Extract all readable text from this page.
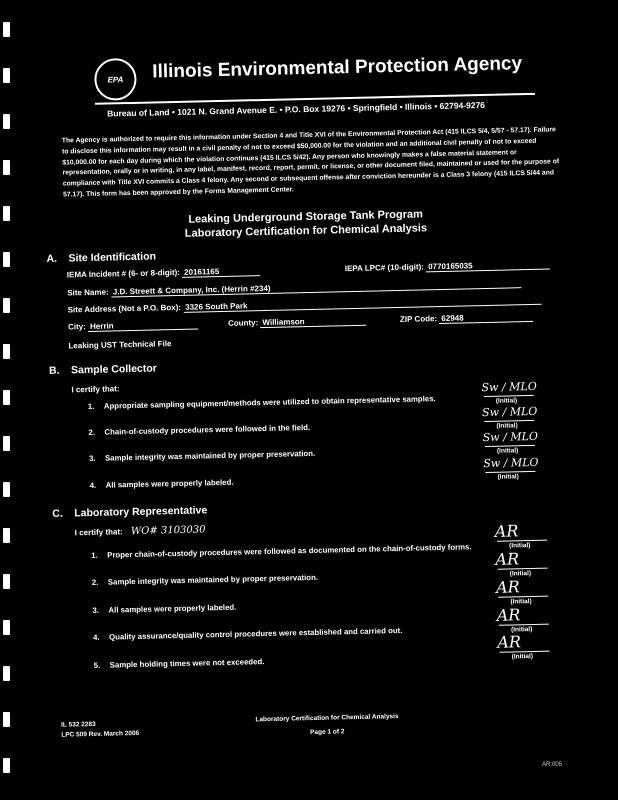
EPA	Illinois Environmental Protection Agency
Bureau of Land • 1021 N. Grand Avenue E. • P.O. Box 19276 • Springfield • Illinois • 62794-9276
The Agency is authorized to require this information under Section 4 and Title XVI of the Environmental Protection Act (415 ILCS 5/4, 5/57 - 57.17). Failure to disclose this information may result in a civil penalty of not to exceed $50,000.00 for the violation and an additional civil penalty of not to exceed $10,000.00 for each day during which the violation continues (415 ILCS 5/42). Any person who knowingly makes a false material statement or representation, orally or in writing, in any label, manifest, record, report, permit, or license, or other document filed, maintained or used for the purpose of compliance with Title XVI commits a Class 4 felony. Any second or subsequent offense after conviction hereunder is a Class 3 felony (415 ILCS 5/44 and 57.17). This form has been approved by the Forms Management Center.
Leaking Underground Storage Tank Program
Laboratory Certification for Chemical Analysis
A. Site Identification
IEMA Incident # (6- or 8-digit): 20161165	IEPA LPC# (10-digit): 0770165035
Site Name: J.D. Streett & Company, Inc. (Herrin #234)
Site Address (Not a P.O. Box): 3326 South Park
City: Herrin	County: Williamson	ZIP Code: 62948
Leaking UST Technical File
B. Sample Collector
I certify that:
1. Appropriate sampling equipment/methods were utilized to obtain representative samples.
Sw / MLO
(Initial)
2. Chain-of-custody procedures were followed in the field.
Sw / MLO
(Initial)
3. Sample integrity was maintained by proper preservation.
Sw / MLO
(Initial)
4. All samples were properly labeled.
Sw / MLO
(Initial)
C. Laboratory Representative
I certify that: WO# 3103030
1. Proper chain-of-custody procedures were followed as documented on the chain-of-custody forms.
AR
(Initial)
2. Sample integrity was maintained by proper preservation.
AR
(Initial)
3. All samples were properly labeled.
AR
(Initial)
4. Quality assurance/quality control procedures were established and carried out.
AR
(Initial)
5. Sample holding times were not exceeded.
AR
(Initial)
IL 532 2283
LPC 509 Rev. March 2006
Laboratory Certification for Chemical Analysis
Page 1 of 2
AR.005
